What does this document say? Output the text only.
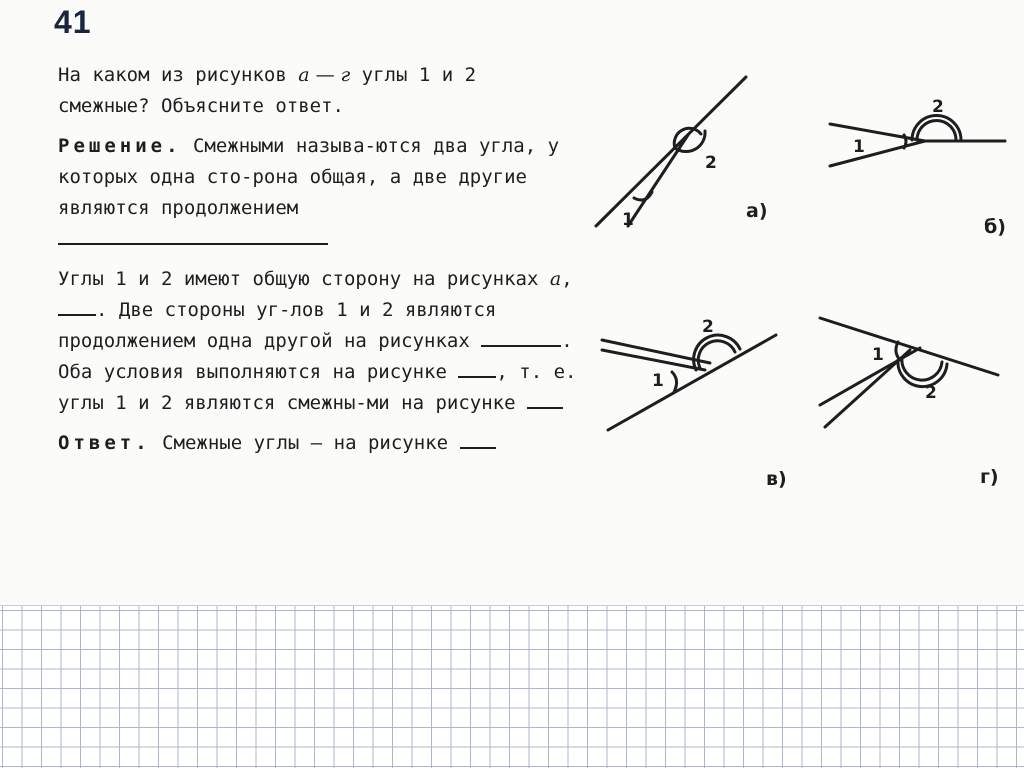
41

На каком из рисунков а — г углы 1 и 2 смежные? Объясните ответ.

Решение. Смежными называ-ются два угла, у которых одна сто-рона общая, а две другие являются продолжением

Углы 1 и 2 имеют общую сторону на рисунках а, . Две стороны уг-лов 1 и 2 являются продолжением одна другой на рисунках	. Оба условия выполняются на рисунке , т. е. углы 1 и 2 являются смежны-ми на рисунке

Ответ. Смежные углы — на рисунке

1
2
1
2
1
2
1
2
а)
б)
в)	г)
